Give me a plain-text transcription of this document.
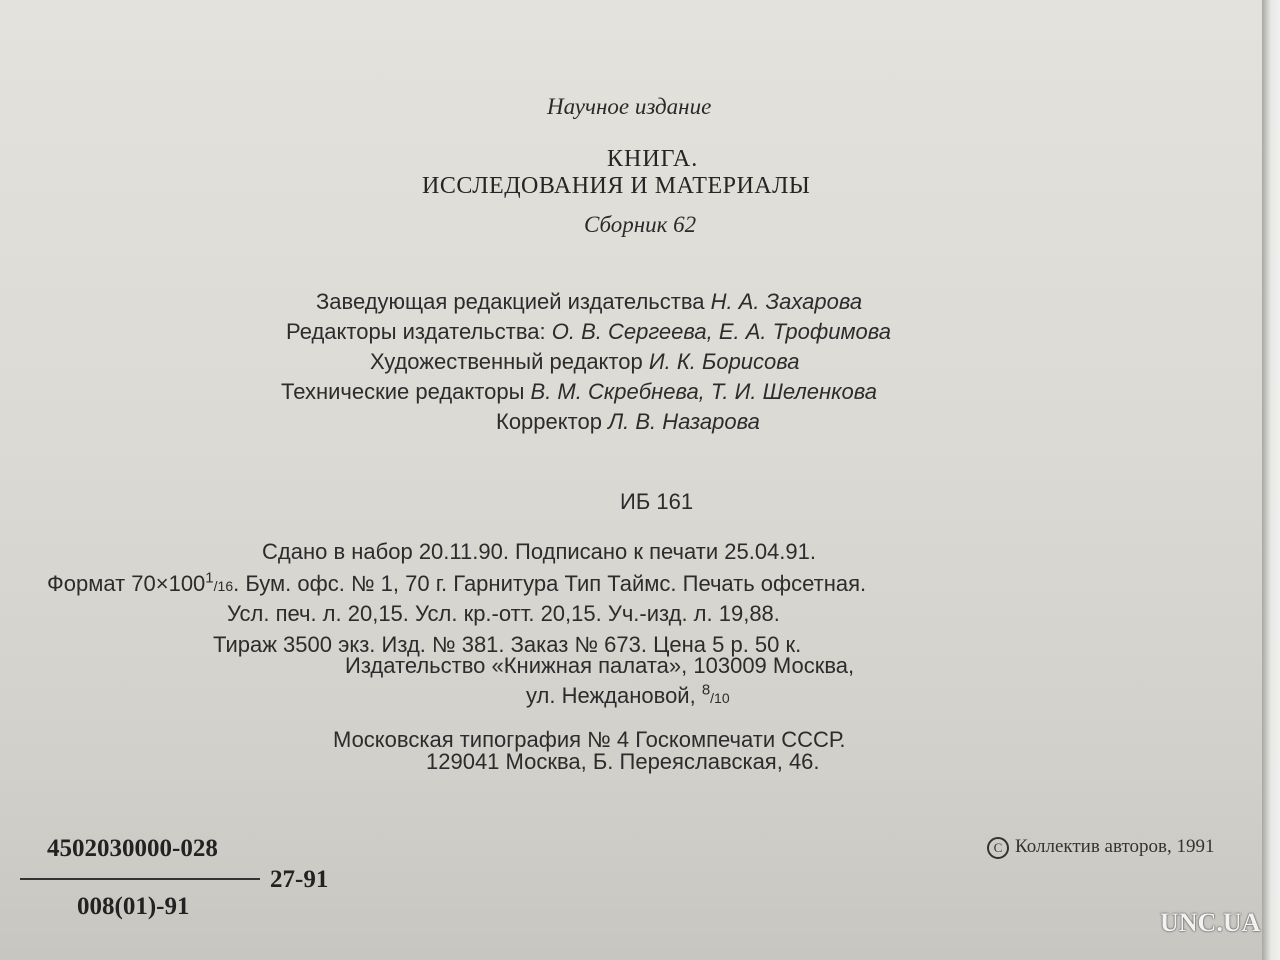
Научное издание
КНИГА.
ИССЛЕДОВАНИЯ И МАТЕРИАЛЫ
Сборник 62
Заведующая редакцией издательства Н. А. Захарова
Редакторы издательства: О. В. Сергеева, Е. А. Трофимова
Художественный редактор И. К. Борисова
Технические редакторы В. М. Скребнева, Т. И. Шеленкова
Корректор Л. В. Назарова
ИБ 161
Сдано в набор 20.11.90. Подписано к печати 25.04.91.
Формат $70\times 100^1/16$. Бум. офс. № 1, 70 г. Гарнитура Тип Таймс. Печать офсетная.
Усл. печ. л. 20,15. Усл. кр.-отт. 20,15. Уч.-изд. л. 19,88.
Тираж 3500 экз. Изд. № 381. Заказ № 673. Цена 5 р. 50 к.
Издательство «Книжная палата», 103009 Москва,
ул. Неждановой, $^8$/10
Московская типография № 4 Госкомпечати СССР.
129041 Москва, Б. Переяславская, 46.
4502030000-028
27-91
008(01)-91
С Коллектив авторов, 1991
UNC.UA
